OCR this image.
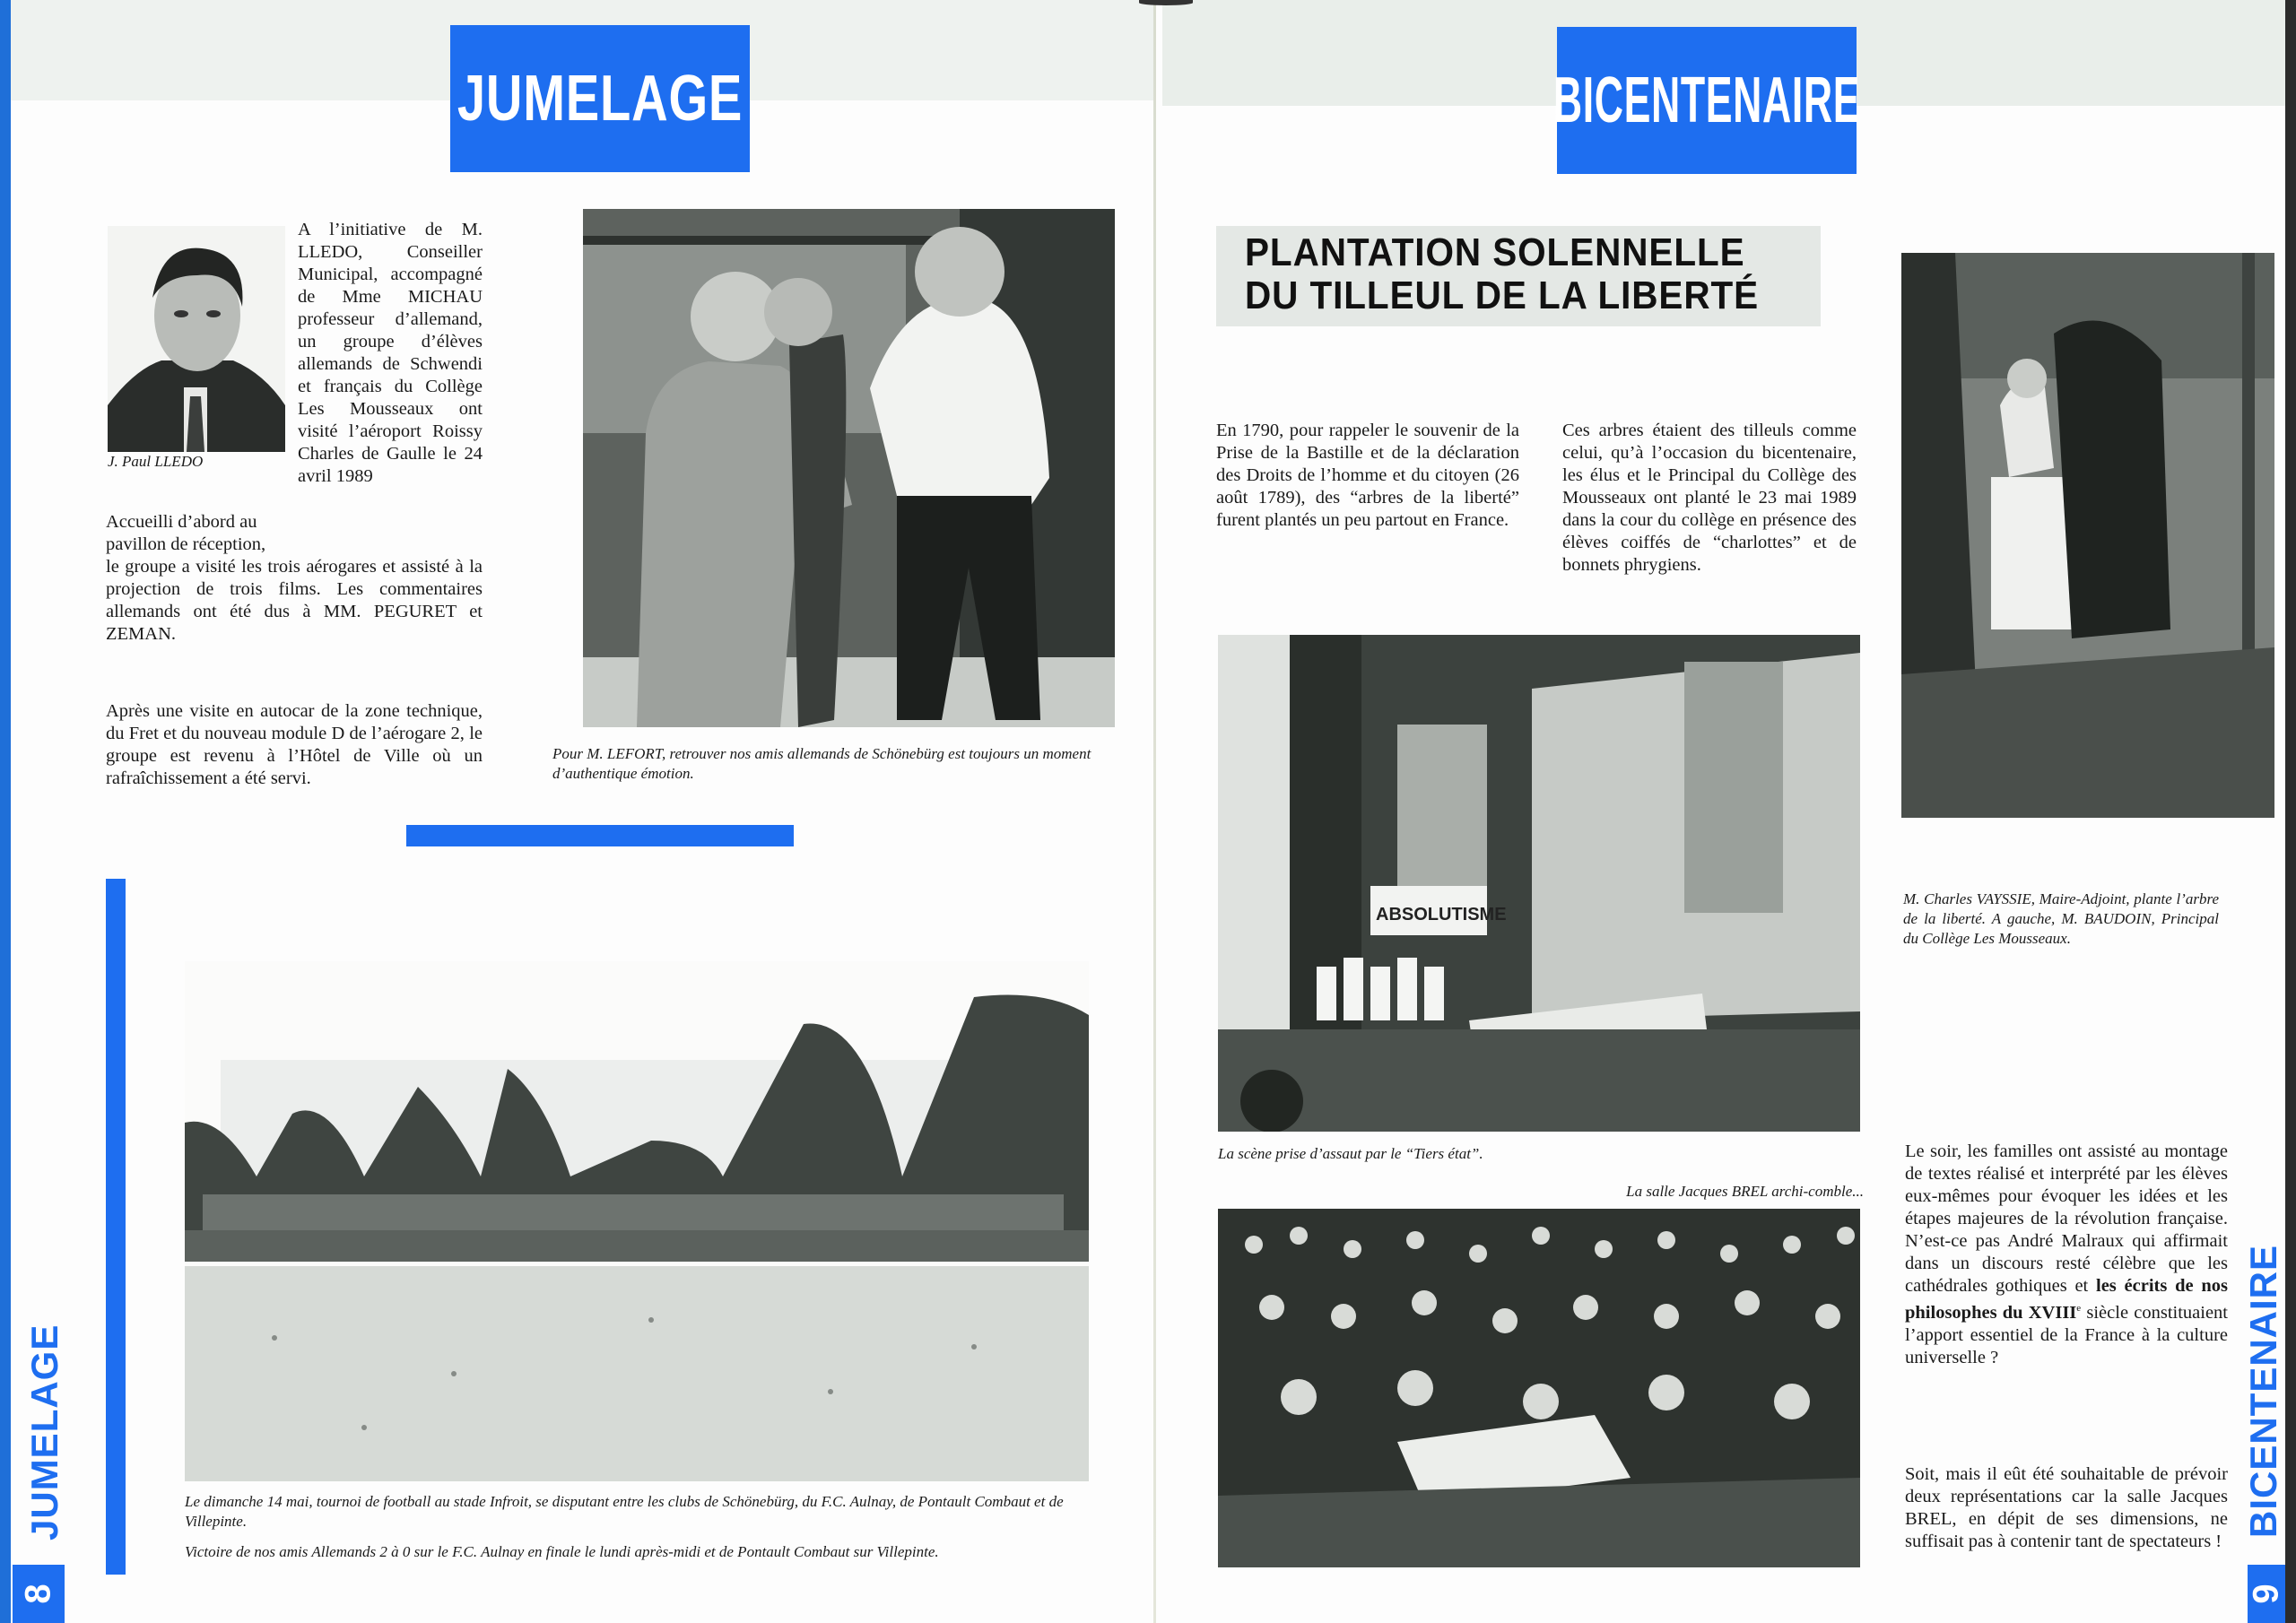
JUMELAGE
J. Paul LLEDO
A l’initiative de M. LLEDO, Conseiller Municipal, accompagné de Mme MICHAU professeur d’allemand, un groupe d’élèves allemands de Schwendi et français du Collège Les Mousseaux ont visité l’aéroport Roissy Charles de Gaulle le 24 avril 1989
Accueilli d’abord au
pavillon de réception,
le groupe a visité les trois aérogares et assisté à la projection de trois films. Les commentaires allemands ont été dus à MM. PEGURET et ZEMAN.
Après une visite en autocar de la zone technique, du Fret et du nouveau module D de l’aérogare 2, le groupe est revenu à l’Hôtel de Ville où un rafraîchissement a été servi.
Pour M. LEFORT, retrouver nos amis allemands de Schönebürg est toujours un moment d’authentique émotion.
Le dimanche 14 mai, tournoi de football au stade Infroit, se disputant entre les clubs de Schönebürg, du F.C. Aulnay, de Pontault Combaut et de Villepinte.
Victoire de nos amis Allemands 2 à 0 sur le F.C. Aulnay en finale le lundi après-midi et de Pontault Combaut sur Villepinte.
JUMELAGE
8
BICENTENAIRE
PLANTATION SOLENNELLE
DU TILLEUL DE LA LIBERTÉ
En 1790, pour rappeler le souvenir de la Prise de la Bastille et de la déclaration des Droits de l’homme et du citoyen (26 août 1789), des “arbres de la liberté” furent plantés un peu partout en France.
Ces arbres étaient des tilleuls comme celui, qu’à l’occasion du bicentenaire, les élus et le Principal du Collège des Mousseaux ont planté le 23 mai 1989 dans la cour du collège en présence des élèves coiffés de “charlottes” et de bonnets phrygiens.
M. Charles VAYSSIE, Maire-Adjoint, plante l’arbre de la liberté. A gauche, M. BAUDOIN, Principal du Collège Les Mousseaux.
ABSOLUTISME
La scène prise d’assaut par le “Tiers état”.
La salle Jacques BREL archi-comble...
Le soir, les familles ont assisté au montage de textes réalisé et interprété par les élèves eux-mêmes pour évoquer les idées et les étapes majeures de la révolution française. N’est-ce pas André Malraux qui affirmait dans un discours resté célèbre que les cathédrales gothiques et les écrits de nos philosophes du XVIIIe siècle constituaient l’apport essentiel de la France à la culture universelle ?
Soit, mais il eût été souhaitable de prévoir deux représentations car la salle Jacques BREL, en dépit de ses dimensions, ne suffisait pas à contenir tant de spectateurs !
BICENTENAIRE
9
